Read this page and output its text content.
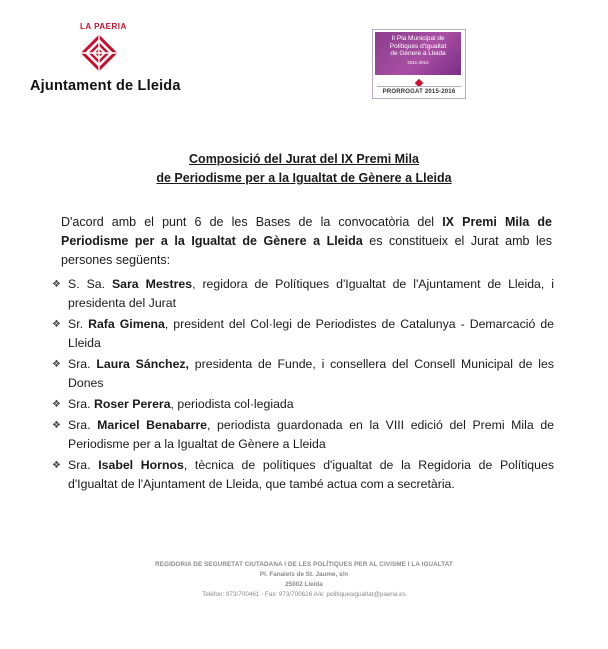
LA PAERIA
Ajuntament de Lleida
II Pla Municipal de
Polítiques d'Igualtat
de Gènere a Lleida
2011-2014
PRORROGAT 2015-2016
Composició del Jurat del IX Premi Mila
de Periodisme per a la Igualtat de Gènere a Lleida
D'acord amb el punt 6 de les Bases de la convocatòria del IX Premi Mila de Periodisme per a la Igualtat de Gènere a Lleida es constitueix el Jurat amb les persones següents:
❖ S. Sa. Sara Mestres, regidora de Polítiques d'Igualtat de l'Ajuntament de Lleida, i presidenta del Jurat
❖ Sr. Rafa Gimena, president del Col·legi de Periodistes de Catalunya - Demarcació de Lleida
❖ Sra. Laura Sánchez, presidenta de Funde, i consellera del Consell Municipal de les Dones
❖ Sra. Roser Perera, periodista col·legiada
❖ Sra. Maricel Benabarre, periodista guardonada en la VIII edició del Premi Mila de Periodisme per a la Igualtat de Gènere a Lleida
❖ Sra. Isabel Hornos, tècnica de polítiques d'igualtat de la Regidoria de Polítiques d'Igualtat de l'Ajuntament de Lleida, que també actua com a secretària.
REGIDORIA DE SEGURETAT CIUTADANA I DE LES POLÍTIQUES PER AL CIVISME I LA IGUALTAT
Pl. Fanalets de St. Jaume, s/n
25002 Lleida
Telèfon: 973/700461 · Fax: 973/700626 A/e: politiquesigualtat@paeria.es
